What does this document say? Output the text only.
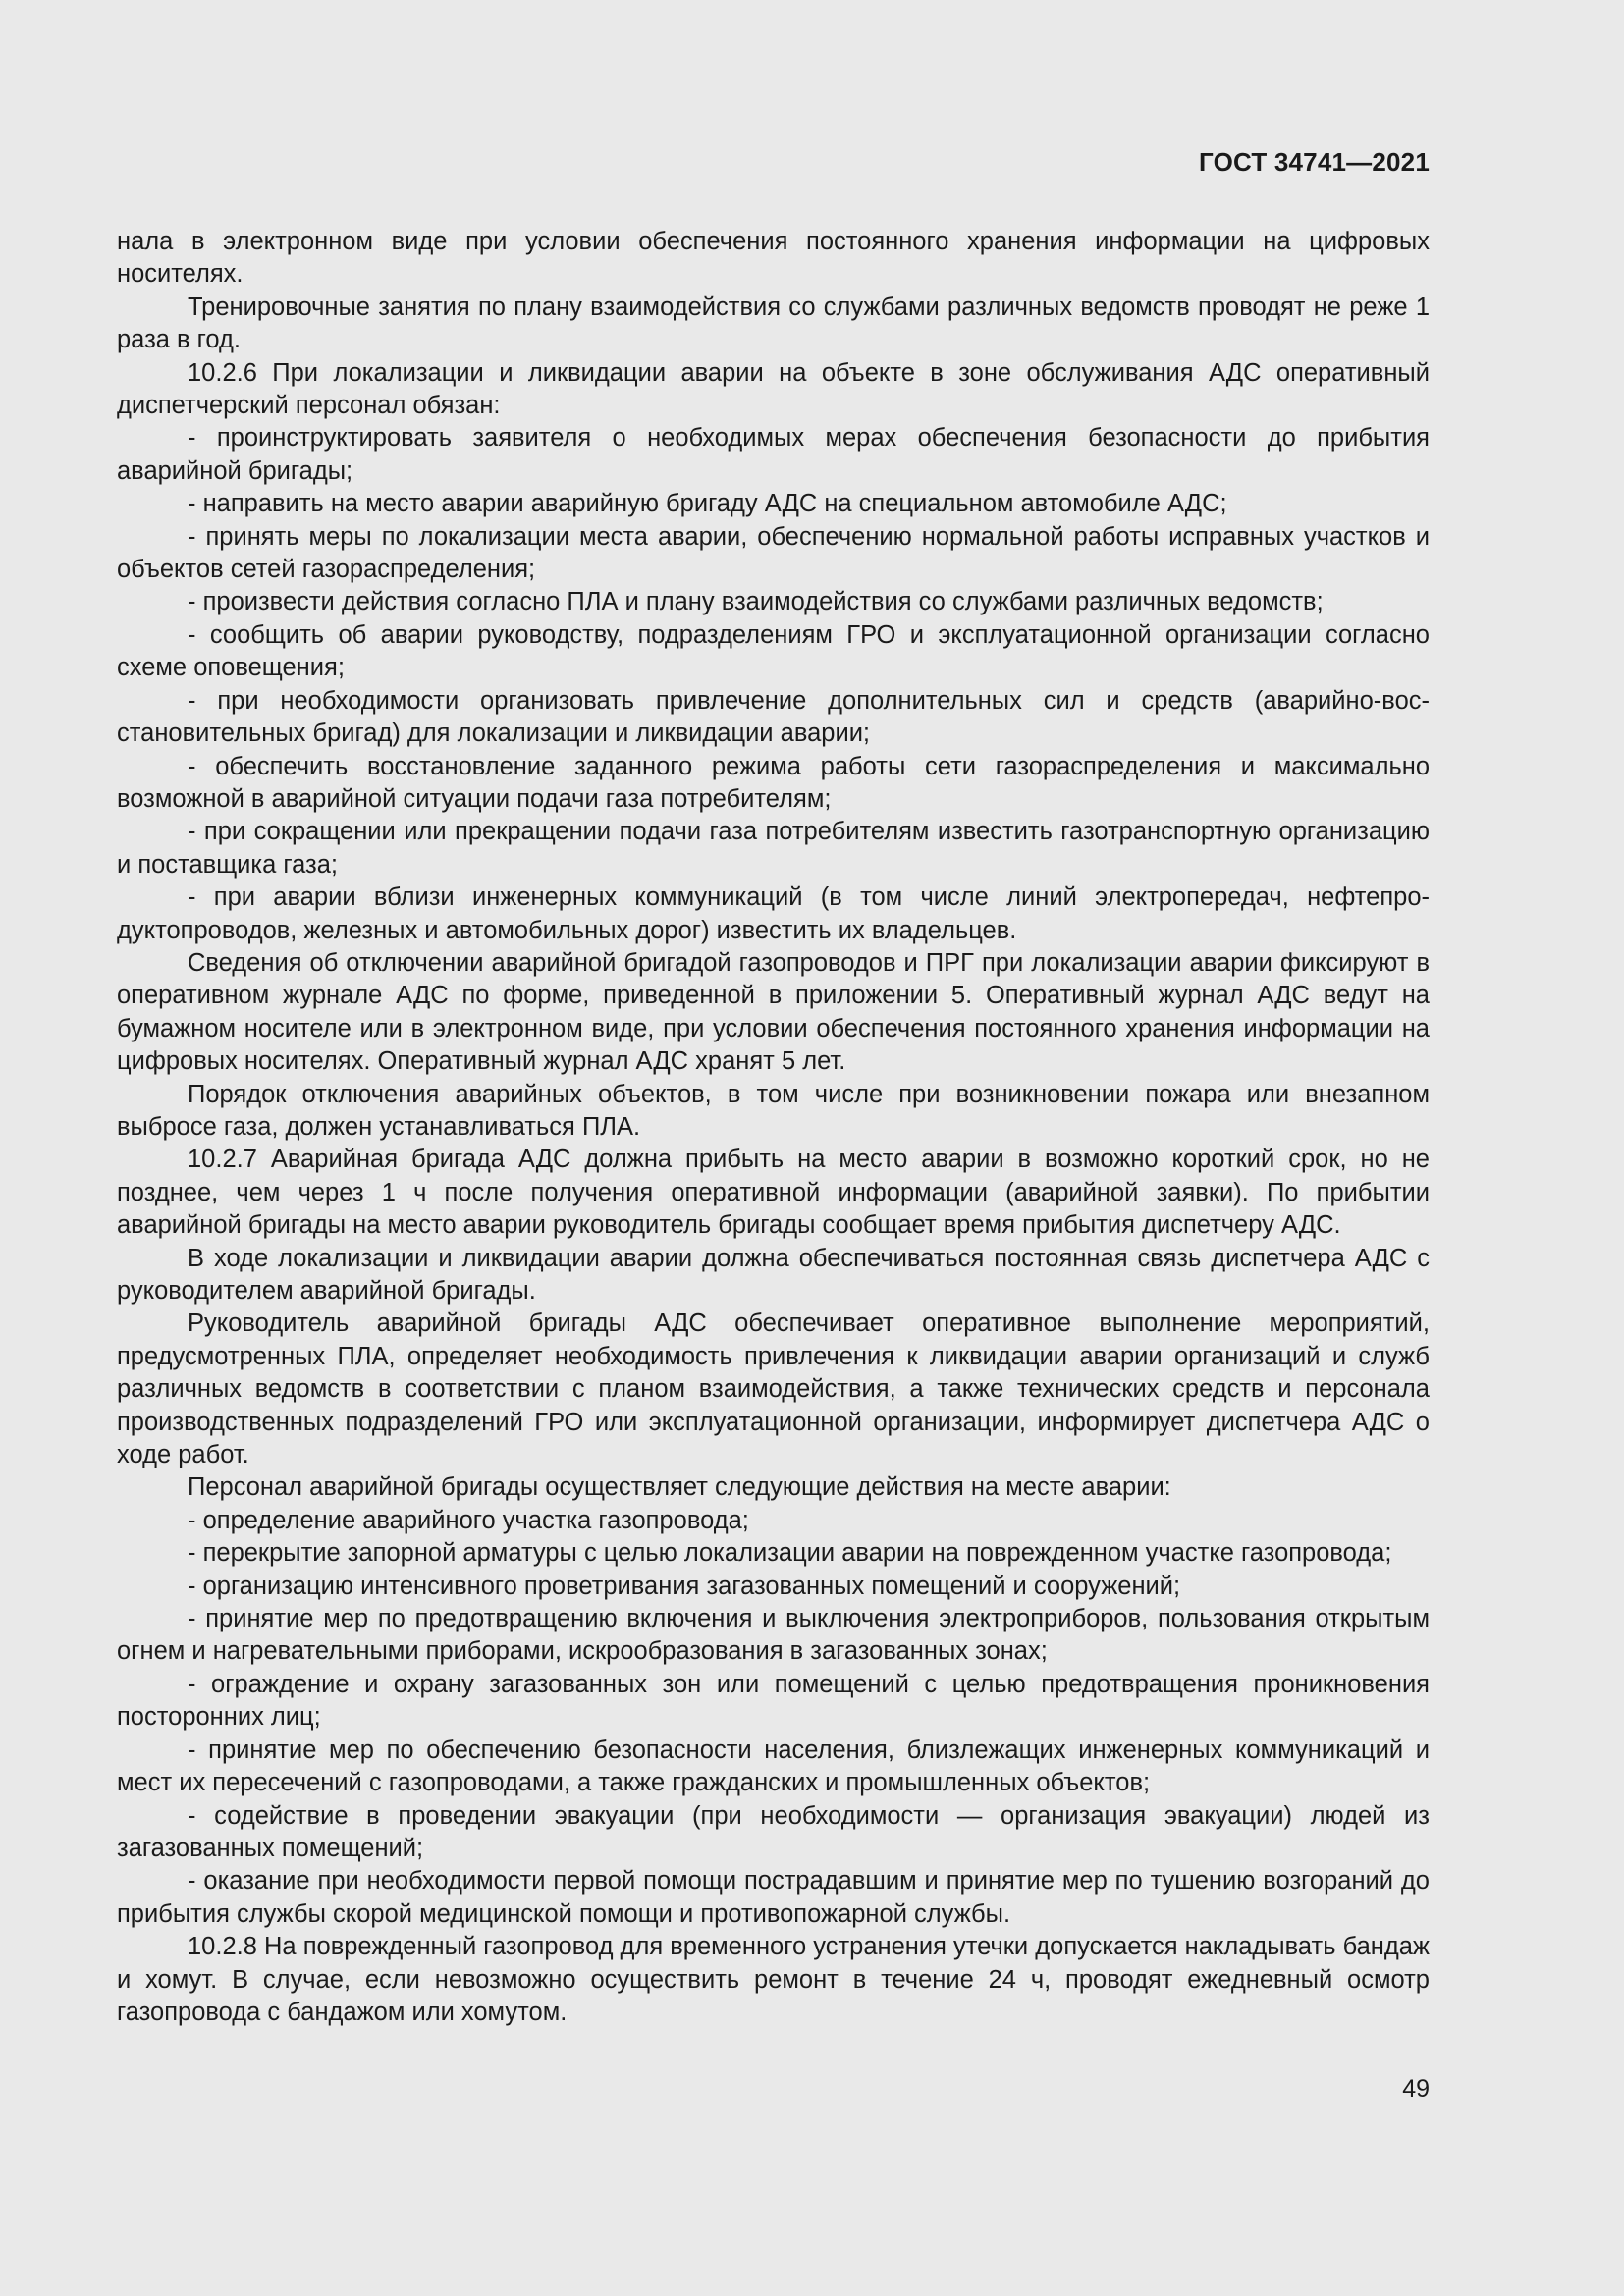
ГОСТ 34741—2021

нала в электронном виде при условии обеспечения постоянного хранения информации на цифровых носителях.

Тренировочные занятия по плану взаимодействия со службами различных ведомств проводят не реже 1 раза в год.

10.2.6 При локализации и ликвидации аварии на объекте в зоне обслуживания АДС оперативный диспетчерский персонал обязан:

- проинструктировать заявителя о необходимых мерах обеспечения безопасности до прибытия аварийной бригады;

- направить на место аварии аварийную бригаду АДС на специальном автомобиле АДС;

- принять меры по локализации места аварии, обеспечению нормальной работы исправных участков и объектов сетей газораспределения;

- произвести действия согласно ПЛА и плану взаимодействия со службами различных ведомств;

- сообщить об аварии руководству, подразделениям ГРО и эксплуатационной организации согласно схеме оповещения;

- при необходимости организовать привлечение дополнительных сил и средств (аварийно-восстановительных бригад) для локализации и ликвидации аварии;

- обеспечить восстановление заданного режима работы сети газораспределения и максимально возможной в аварийной ситуации подачи газа потребителям;

- при сокращении или прекращении подачи газа потребителям известить газотранспортную организацию и поставщика газа;

- при аварии вблизи инженерных коммуникаций (в том числе линий электропередач, нефтепродуктопроводов, железных и автомобильных дорог) известить их владельцев.

Сведения об отключении аварийной бригадой газопроводов и ПРГ при локализации аварии фиксируют в оперативном журнале АДС по форме, приведенной в приложении 5. Оперативный журнал АДС ведут на бумажном носителе или в электронном виде, при условии обеспечения постоянного хранения информации на цифровых носителях. Оперативный журнал АДС хранят 5 лет.

Порядок отключения аварийных объектов, в том числе при возникновении пожара или внезапном выбросе газа, должен устанавливаться ПЛА.

10.2.7 Аварийная бригада АДС должна прибыть на место аварии в возможно короткий срок, но не позднее, чем через 1 ч после получения оперативной информации (аварийной заявки). По прибытии аварийной бригады на место аварии руководитель бригады сообщает время прибытия диспетчеру АДС.

В ходе локализации и ликвидации аварии должна обеспечиваться постоянная связь диспетчера АДС с руководителем аварийной бригады.

Руководитель аварийной бригады АДС обеспечивает оперативное выполнение мероприятий, предусмотренных ПЛА, определяет необходимость привлечения к ликвидации аварии организаций и служб различных ведомств в соответствии с планом взаимодействия, а также технических средств и персонала производственных подразделений ГРО или эксплуатационной организации, информирует диспетчера АДС о ходе работ.

Персонал аварийной бригады осуществляет следующие действия на месте аварии:

- определение аварийного участка газопровода;

- перекрытие запорной арматуры с целью локализации аварии на поврежденном участке газопровода;

- организацию интенсивного проветривания загазованных помещений и сооружений;

- принятие мер по предотвращению включения и выключения электроприборов, пользования открытым огнем и нагревательными приборами, искрообразования в загазованных зонах;

- ограждение и охрану загазованных зон или помещений с целью предотвращения проникновения посторонних лиц;

- принятие мер по обеспечению безопасности населения, близлежащих инженерных коммуникаций и мест их пересечений с газопроводами, а также гражданских и промышленных объектов;

- содействие в проведении эвакуации (при необходимости — организация эвакуации) людей из загазованных помещений;

- оказание при необходимости первой помощи пострадавшим и принятие мер по тушению возгораний до прибытия службы скорой медицинской помощи и противопожарной службы.

10.2.8 На поврежденный газопровод для временного устранения утечки допускается накладывать бандаж и хомут. В случае, если невозможно осуществить ремонт в течение 24 ч, проводят ежедневный осмотр газопровода с бандажом или хомутом.

49
